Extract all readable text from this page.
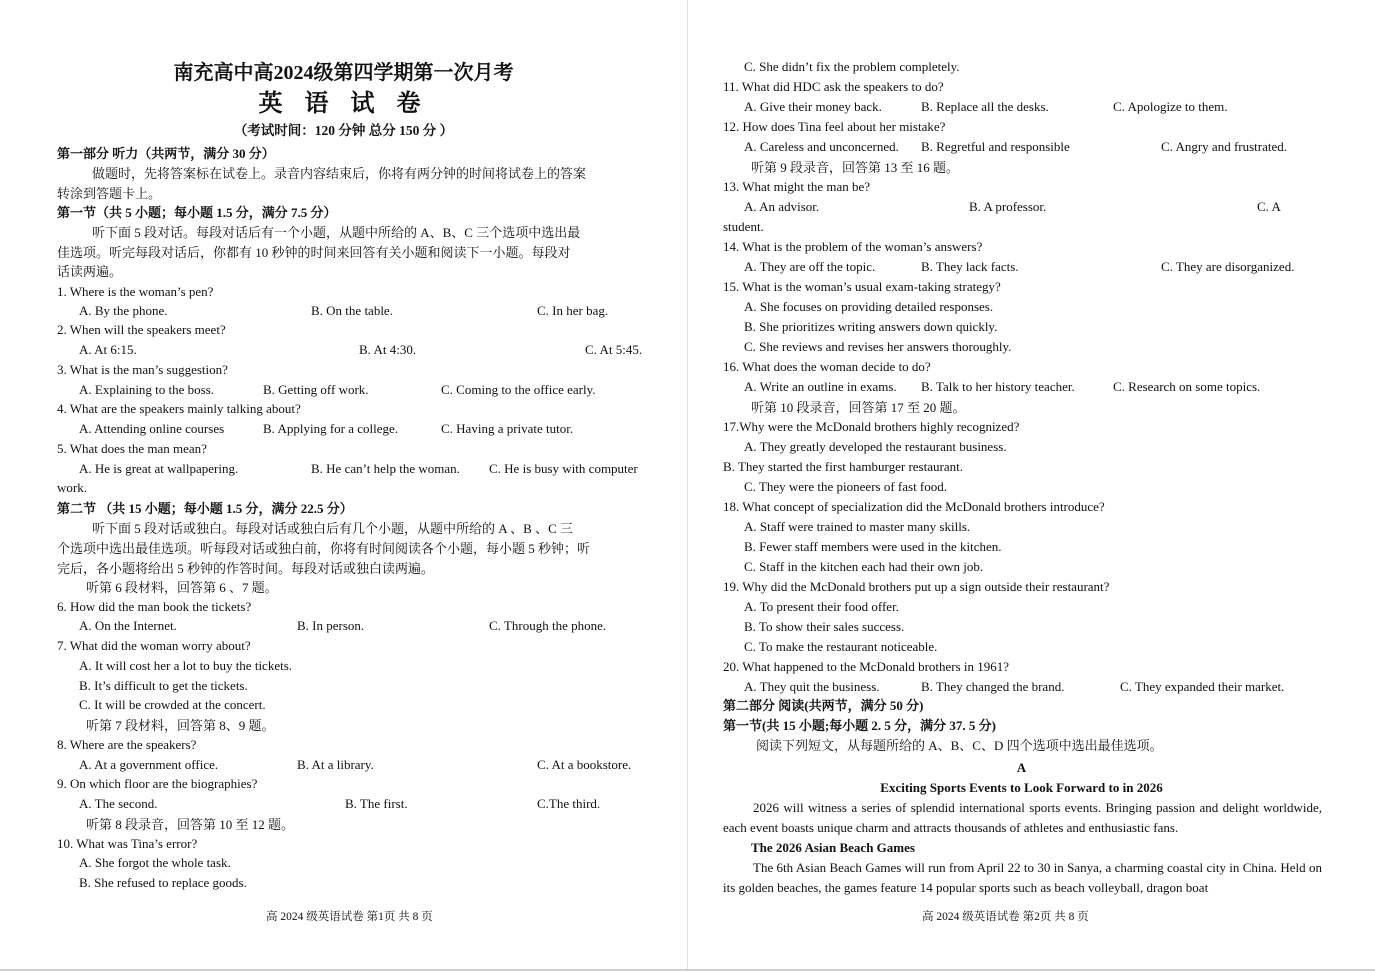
南充高中高2024级第四学期第一次月考
英 语 试 卷
（考试时间：120 分钟 总分 150 分 ）
第一部分 听力（共两节，满分 30 分）
做题时，先将答案标在试卷上。录音内容结束后，你将有两分钟的时间将试卷上的答案
转涂到答题卡上。
第一节（共 5 小题；每小题 1.5 分，满分 7.5 分）
听下面 5 段对话。每段对话后有一个小题，从题中所给的 A、B、C 三个选项中选出最
佳选项。听完每段对话后，你都有 10 秒钟的时间来回答有关小题和阅读下一小题。每段对
话读两遍。
1. Where is the woman’s pen?
A. By the phone.	B. On the table.	C. In her bag.
2. When will the speakers meet?
A. At 6:15.	B. At 4:30.	C. At 5:45.
3. What is the man’s suggestion?
A. Explaining to the boss.	B. Getting off work.	C. Coming to the office early.
4. What are the speakers mainly talking about?
A. Attending online courses	B. Applying for a college.	C. Having a private tutor.
5. What does the man mean?
A. He is great at wallpapering.	B. He can’t help the woman. C. He is busy with computer
work.
第二节 （共 15 小题；每小题 1.5 分，满分 22.5 分）
听下面 5 段对话或独白。每段对话或独白后有几个小题，从题中所给的 A 、B 、C 三
个选项中选出最佳选项。听每段对话或独白前，你将有时间阅读各个小题，每小题 5 秒钟；听
完后，各小题将给出 5 秒钟的作答时间。每段对话或独白读两遍。
听第 6 段材料，回答第 6 、7 题。
6. How did the man book the tickets?
A. On the Internet.	B. In person.	C. Through the phone.
7. What did the woman worry about?
A. It will cost her a lot to buy the tickets.
B. It’s difficult to get the tickets.
C. It will be crowded at the concert.
听第 7 段材料，回答第 8、9 题。
8. Where are the speakers?
A. At a government office.	B. At a library.	C. At a bookstore.
9. On which floor are the biographies?
A. The second.	B. The first.	C.The third.
听第 8 段录音，回答第 10 至 12 题。
10. What was Tina’s error?
A. She forgot the whole task.
B. She refused to replace goods.
高 2024 级英语试卷 第1页 共 8 页
C. She didn’t fix the problem completely.
11. What did HDC ask the speakers to do?
A. Give their money back.	B. Replace all the desks.	C. Apologize to them.
12. How does Tina feel about her mistake?
A. Careless and unconcerned. B. Regretful and responsible	C. Angry and frustrated.
听第 9 段录音，回答第 13 至 16 题。
13. What might the man be?
A. An advisor.	B. A professor.	C. A
student.
14. What is the problem of the woman’s answers?
A. They are off the topic.	B. They lack facts.	C. They are disorganized.
15. What is the woman’s usual exam-taking strategy?
A. She focuses on providing detailed responses.
B. She prioritizes writing answers down quickly.
C. She reviews and revises her answers thoroughly.
16. What does the woman decide to do?
A. Write an outline in exams. B. Talk to her history teacher.	C. Research on some topics.
听第 10 段录音，回答第 17 至 20 题。
17.Why were the McDonald brothers highly recognized?
A. They greatly developed the restaurant business.
B. They started the first hamburger restaurant.
C. They were the pioneers of fast food.
18. What concept of specialization did the McDonald brothers introduce?
A. Staff were trained to master many skills.
B. Fewer staff members were used in the kitchen.
C. Staff in the kitchen each had their own job.
19. Why did the McDonald brothers put up a sign outside their restaurant?
A. To present their food offer.
B. To show their sales success.
C. To make the restaurant noticeable.
20. What happened to the McDonald brothers in 1961?
A. They quit the business.	B. They changed the brand.	C. They expanded their market.
第二部分 阅读(共两节，满分 50 分)
第一节(共 15 小题;每小题 2. 5 分，满分 37. 5 分)
阅读下列短文，从每题所给的 A、B、C、D 四个选项中选出最佳选项。
A
Exciting Sports Events to Look Forward to in 2026
2026 will witness a series of splendid international sports events. Bringing passion and delight worldwide, each event boasts unique charm and attracts thousands of athletes and enthusiastic fans.
The 2026 Asian Beach Games
The 6th Asian Beach Games will run from April 22 to 30 in Sanya, a charming coastal city in China. Held on its golden beaches, the games feature 14 popular sports such as beach volleyball, dragon boat
高 2024 级英语试卷 第2页 共 8 页
